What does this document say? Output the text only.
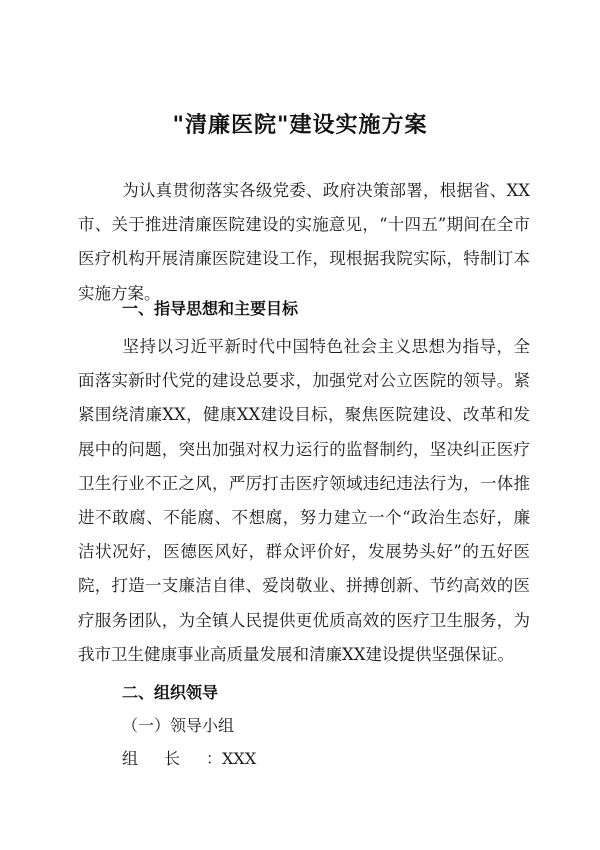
"清廉医院"建设实施方案

为认真贯彻落实各级党委、政府决策部署，根据省、XX市、关于推进清廉医院建设的实施意见，“十四五”期间在全市医疗机构开展清廉医院建设工作，现根据我院实际，特制订本实施方案。

一、指导思想和主要目标

坚持以习近平新时代中国特色社会主义思想为指导，全面落实新时代党的建设总要求，加强党对公立医院的领导。紧紧围绕清廉XX，健康XX建设目标，聚焦医院建设、改革和发展中的问题，突出加强对权力运行的监督制约，坚决纠正医疗卫生行业不正之风，严厉打击医疗领域违纪违法行为，一体推进不敢腐、不能腐、不想腐，努力建立一个“政治生态好，廉洁状况好，医德医风好，群众评价好，发展势头好”的五好医院，打造一支廉洁自律、爱岗敬业、拼搏创新、节约高效的医疗服务团队，为全镇人民提供更优质高效的医疗卫生服务，为我市卫生健康事业高质量发展和清廉XX建设提供坚强保证。

二、组织领导
（一）领导小组
组长：XXX
